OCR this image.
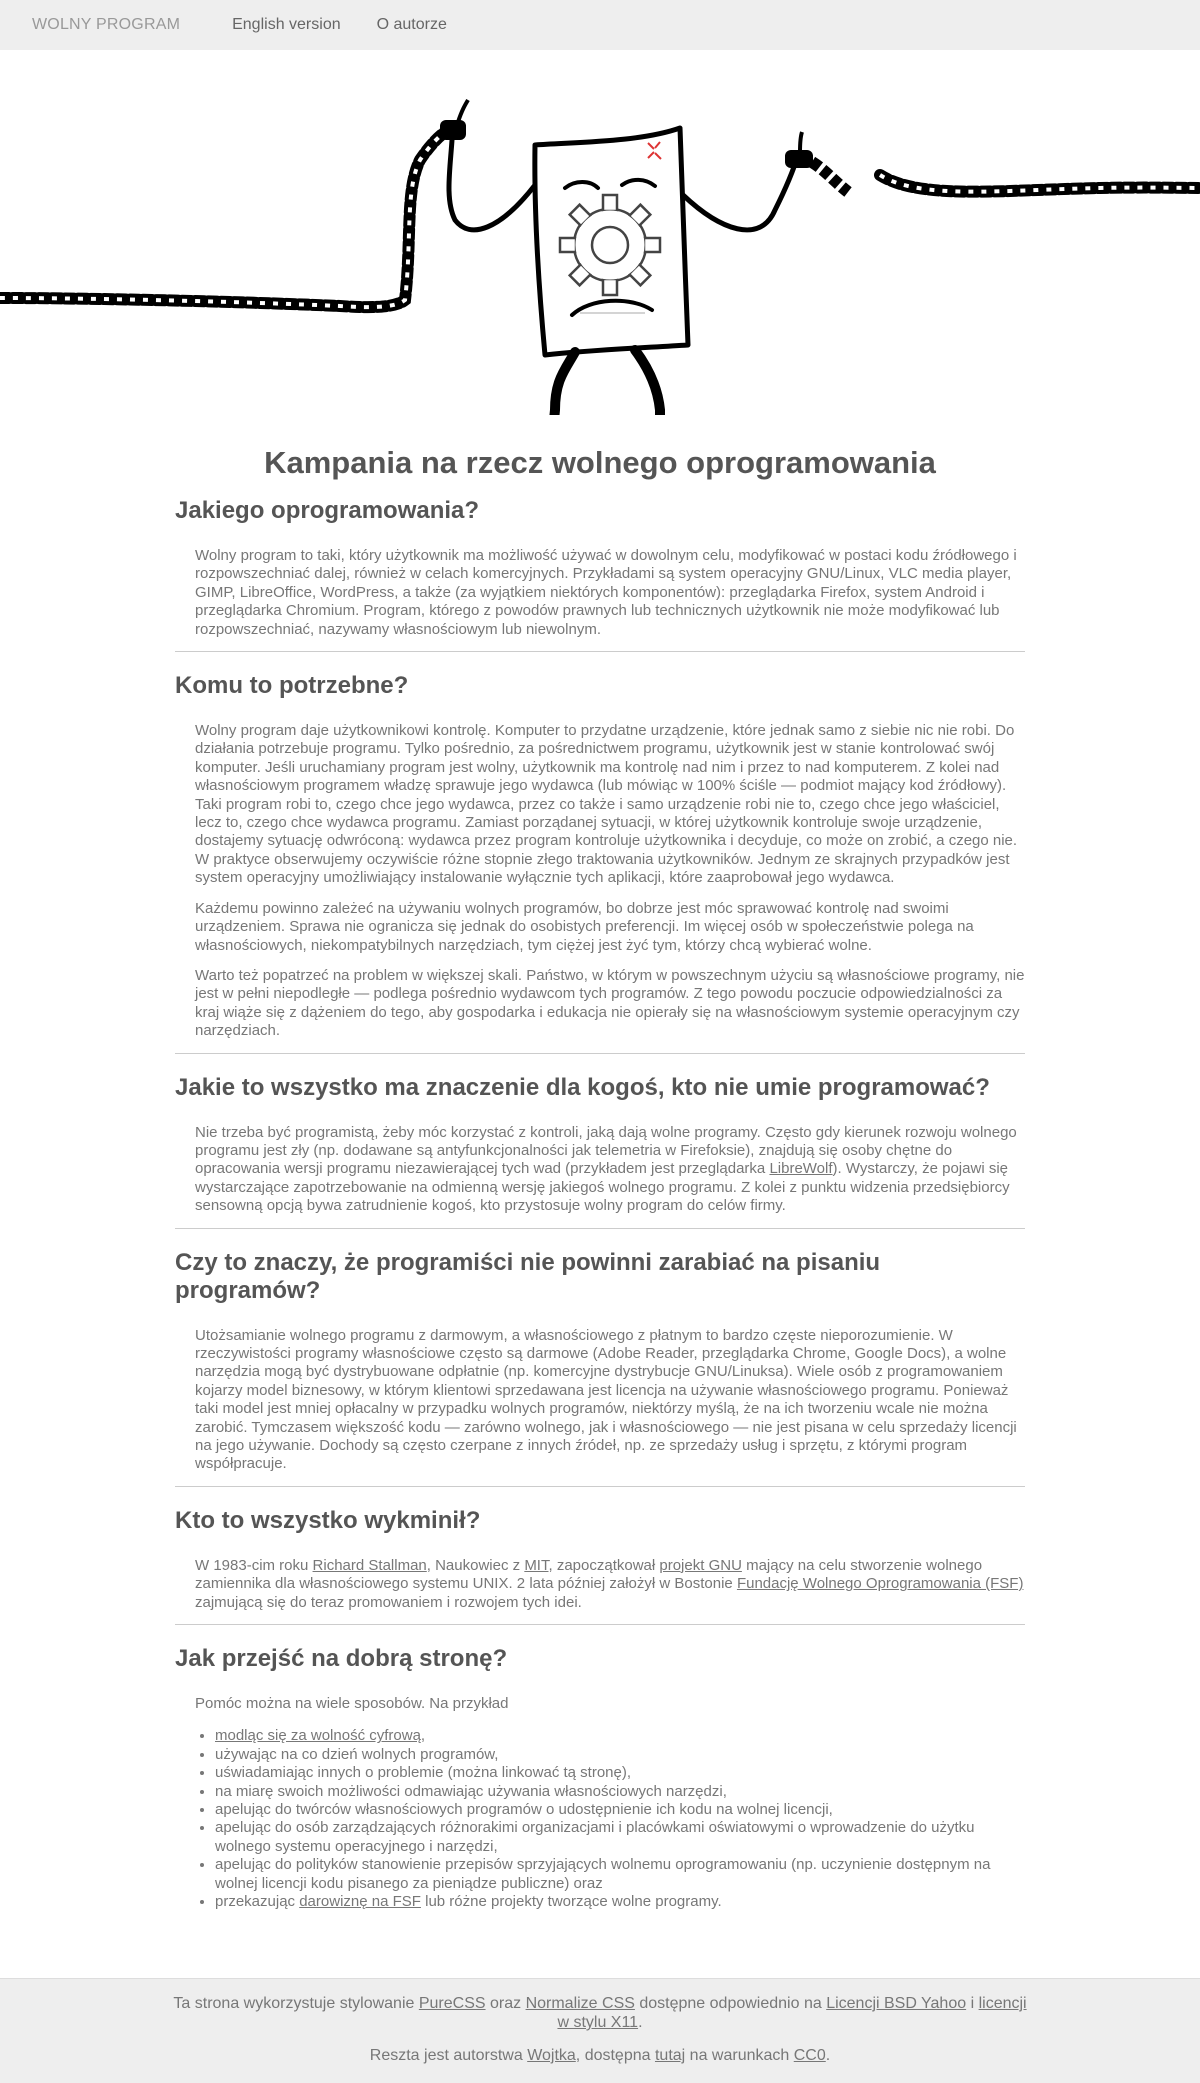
WOLNY PROGRAM	English version O autorze
Kampania na rzecz wolnego oprogramowania
Jakiego oprogramowania?

Wolny program to taki, który użytkownik ma możliwość używać w dowolnym celu, modyfikować w postaci kodu źródłowego i rozpowszechniać dalej, również w celach komercyjnych. Przykładami są system operacyjny GNU/Linux, VLC media player, GIMP, LibreOffice, WordPress, a także (za wyjątkiem niektórych komponentów): przeglądarka Firefox, system Android i przeglądarka Chromium. Program, którego z powodów prawnych lub technicznych użytkownik nie może modyfikować lub rozpowszechniać, nazywamy własnościowym lub niewolnym.

Komu to potrzebne?

Wolny program daje użytkownikowi kontrolę. Komputer to przydatne urządzenie, które jednak samo z siebie nic nie robi. Do działania potrzebuje programu. Tylko pośrednio, za pośrednictwem programu, użytkownik jest w stanie kontrolować swój komputer. Jeśli uruchamiany program jest wolny, użytkownik ma kontrolę nad nim i przez to nad komputerem. Z kolei nad własnościowym programem władzę sprawuje jego wydawca (lub mówiąc w 100% ściśle — podmiot mający kod źródłowy). Taki program robi to, czego chce jego wydawca, przez co także i samo urządzenie robi nie to, czego chce jego właściciel, lecz to, czego chce wydawca programu. Zamiast porządanej sytuacji, w której użytkownik kontroluje swoje urządzenie, dostajemy sytuację odwróconą: wydawca przez program kontroluje użytkownika i decyduje, co może on zrobić, a czego nie. W praktyce obserwujemy oczywiście różne stopnie złego traktowania użytkowników. Jednym ze skrajnych przypadków jest system operacyjny umożliwiający instalowanie wyłącznie tych aplikacji, które zaaprobował jego wydawca.

Każdemu powinno zależeć na używaniu wolnych programów, bo dobrze jest móc sprawować kontrolę nad swoimi urządzeniem. Sprawa nie ogranicza się jednak do osobistych preferencji. Im więcej osób w społeczeństwie polega na własnościowych, niekompatybilnych narzędziach, tym ciężej jest żyć tym, którzy chcą wybierać wolne.

Warto też popatrzeć na problem w większej skali. Państwo, w którym w powszechnym użyciu są własnościowe programy, nie jest w pełni niepodległe — podlega pośrednio wydawcom tych programów. Z tego powodu poczucie odpowiedzialności za kraj wiąże się z dążeniem do tego, aby gospodarka i edukacja nie opierały się na własnościowym systemie operacyjnym czy narzędziach.

Jakie to wszystko ma znaczenie dla kogoś, kto nie umie programować?

Nie trzeba być programistą, żeby móc korzystać z kontroli, jaką dają wolne programy. Często gdy kierunek rozwoju wolnego programu jest zły (np. dodawane są antyfunkcjonalności jak telemetria w Firefoksie), znajdują się osoby chętne do opracowania wersji programu niezawierającej tych wad (przykładem jest przeglądarka LibreWolf). Wystarczy, że pojawi się wystarczające zapotrzebowanie na odmienną wersję jakiegoś wolnego programu. Z kolei z punktu widzenia przedsiębiorcy sensowną opcją bywa zatrudnienie kogoś, kto przystosuje wolny program do celów firmy.

Czy to znaczy, że programiści nie powinni zarabiać na pisaniu programów?

Utożsamianie wolnego programu z darmowym, a własnościowego z płatnym to bardzo częste nieporozumienie. W rzeczywistości programy własnościowe często są darmowe (Adobe Reader, przeglądarka Chrome, Google Docs), a wolne narzędzia mogą być dystrybuowane odpłatnie (np. komercyjne dystrybucje GNU/Linuksa). Wiele osób z programowaniem kojarzy model biznesowy, w którym klientowi sprzedawana jest licencja na używanie własnościowego programu. Ponieważ taki model jest mniej opłacalny w przypadku wolnych programów, niektórzy myślą, że na ich tworzeniu wcale nie można zarobić. Tymczasem większość kodu — zarówno wolnego, jak i własnościowego — nie jest pisana w celu sprzedaży licencji na jego używanie. Dochody są często czerpane z innych źródeł, np. ze sprzedaży usług i sprzętu, z którymi program współpracuje.

Kto to wszystko wykminił?

W 1983-cim roku Richard Stallman, Naukowiec z MIT, zapoczątkował projekt GNU mający na celu stworzenie wolnego zamiennika dla własnościowego systemu UNIX. 2 lata później założył w Bostonie Fundację Wolnego Oprogramowania (FSF) zajmującą się do teraz promowaniem i rozwojem tych idei.

Jak przejść na dobrą stronę?

Pomóc można na wiele sposobów. Na przykład

• modląc się za wolność cyfrową,
• używając na co dzień wolnych programów,
• uświadamiając innych o problemie (można linkować tą stronę),
• na miarę swoich możliwości odmawiając używania własnościowych narzędzi,
• apelując do twórców własnościowych programów o udostępnienie ich kodu na wolnej licencji,
• apelując do osób zarządzających różnorakimi organizacjami i placówkami oświatowymi o wprowadzenie do użytku wolnego systemu operacyjnego i narzędzi,
• apelując do polityków stanowienie przepisów sprzyjających wolnemu oprogramowaniu (np. uczynienie dostępnym na wolnej licencji kodu pisanego za pieniądze publiczne) oraz
• przekazując darowiznę na FSF lub różne projekty tworzące wolne programy.

Ta strona wykorzystuje stylowanie PureCSS oraz Normalize CSS dostępne odpowiednio na Licencji BSD Yahoo i licencji w stylu X11.

Reszta jest autorstwa Wojtka, dostępna tutaj na warunkach CC0.
